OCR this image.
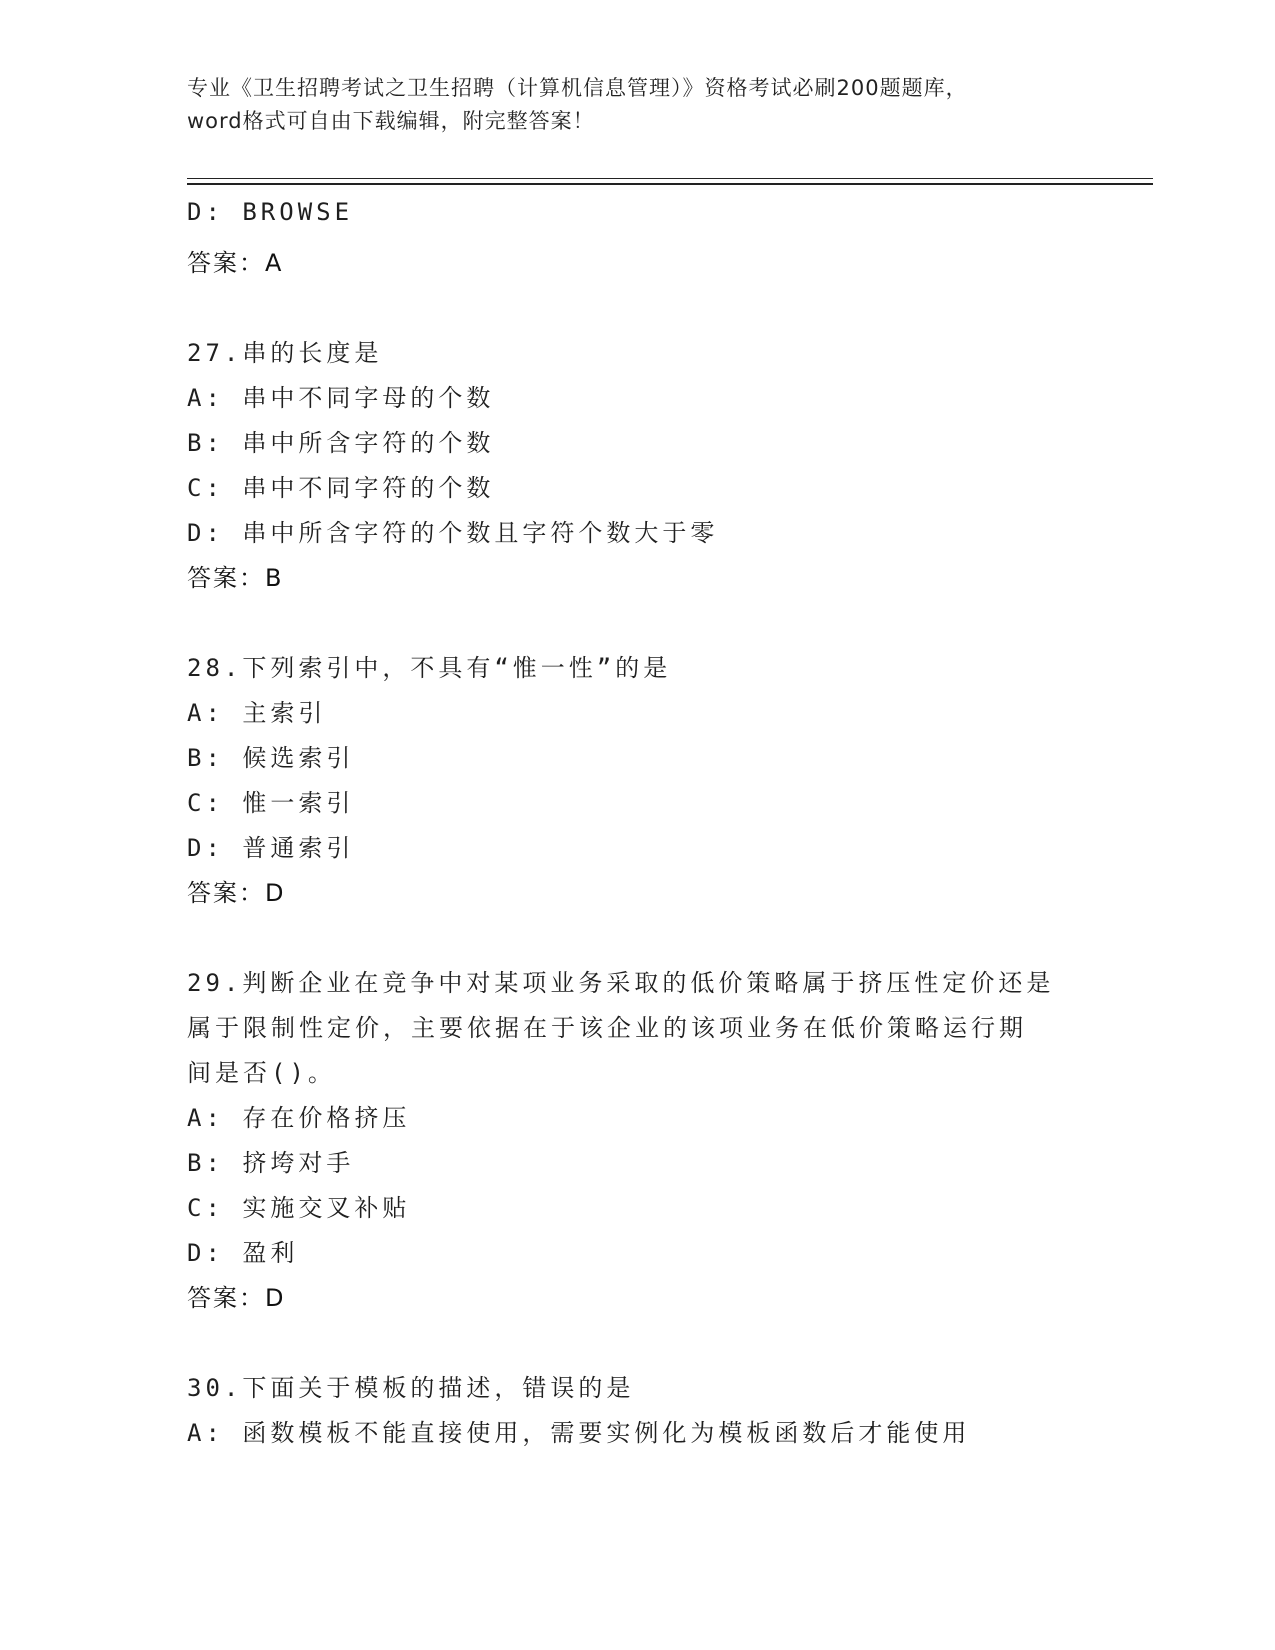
专业《卫生招聘考试之卫生招聘（计算机信息管理）》资格考试必刷200题题库，
word格式可自由下载编辑，附完整答案！
D: BROWSE
答案：A
27.串的长度是
A: 串中不同字母的个数
B: 串中所含字符的个数
C: 串中不同字符的个数
D: 串中所含字符的个数且字符个数大于零
答案：B
28.下列索引中，不具有“惟一性”的是
A: 主索引
B: 候选索引
C: 惟一索引
D: 普通索引
答案：D
29.判断企业在竞争中对某项业务采取的低价策略属于挤压性定价还是
属于限制性定价，主要依据在于该企业的该项业务在低价策略运行期
间是否()。
A: 存在价格挤压
B: 挤垮对手
C: 实施交叉补贴
D: 盈利
答案：D
30.下面关于模板的描述，错误的是
A: 函数模板不能直接使用，需要实例化为模板函数后才能使用
